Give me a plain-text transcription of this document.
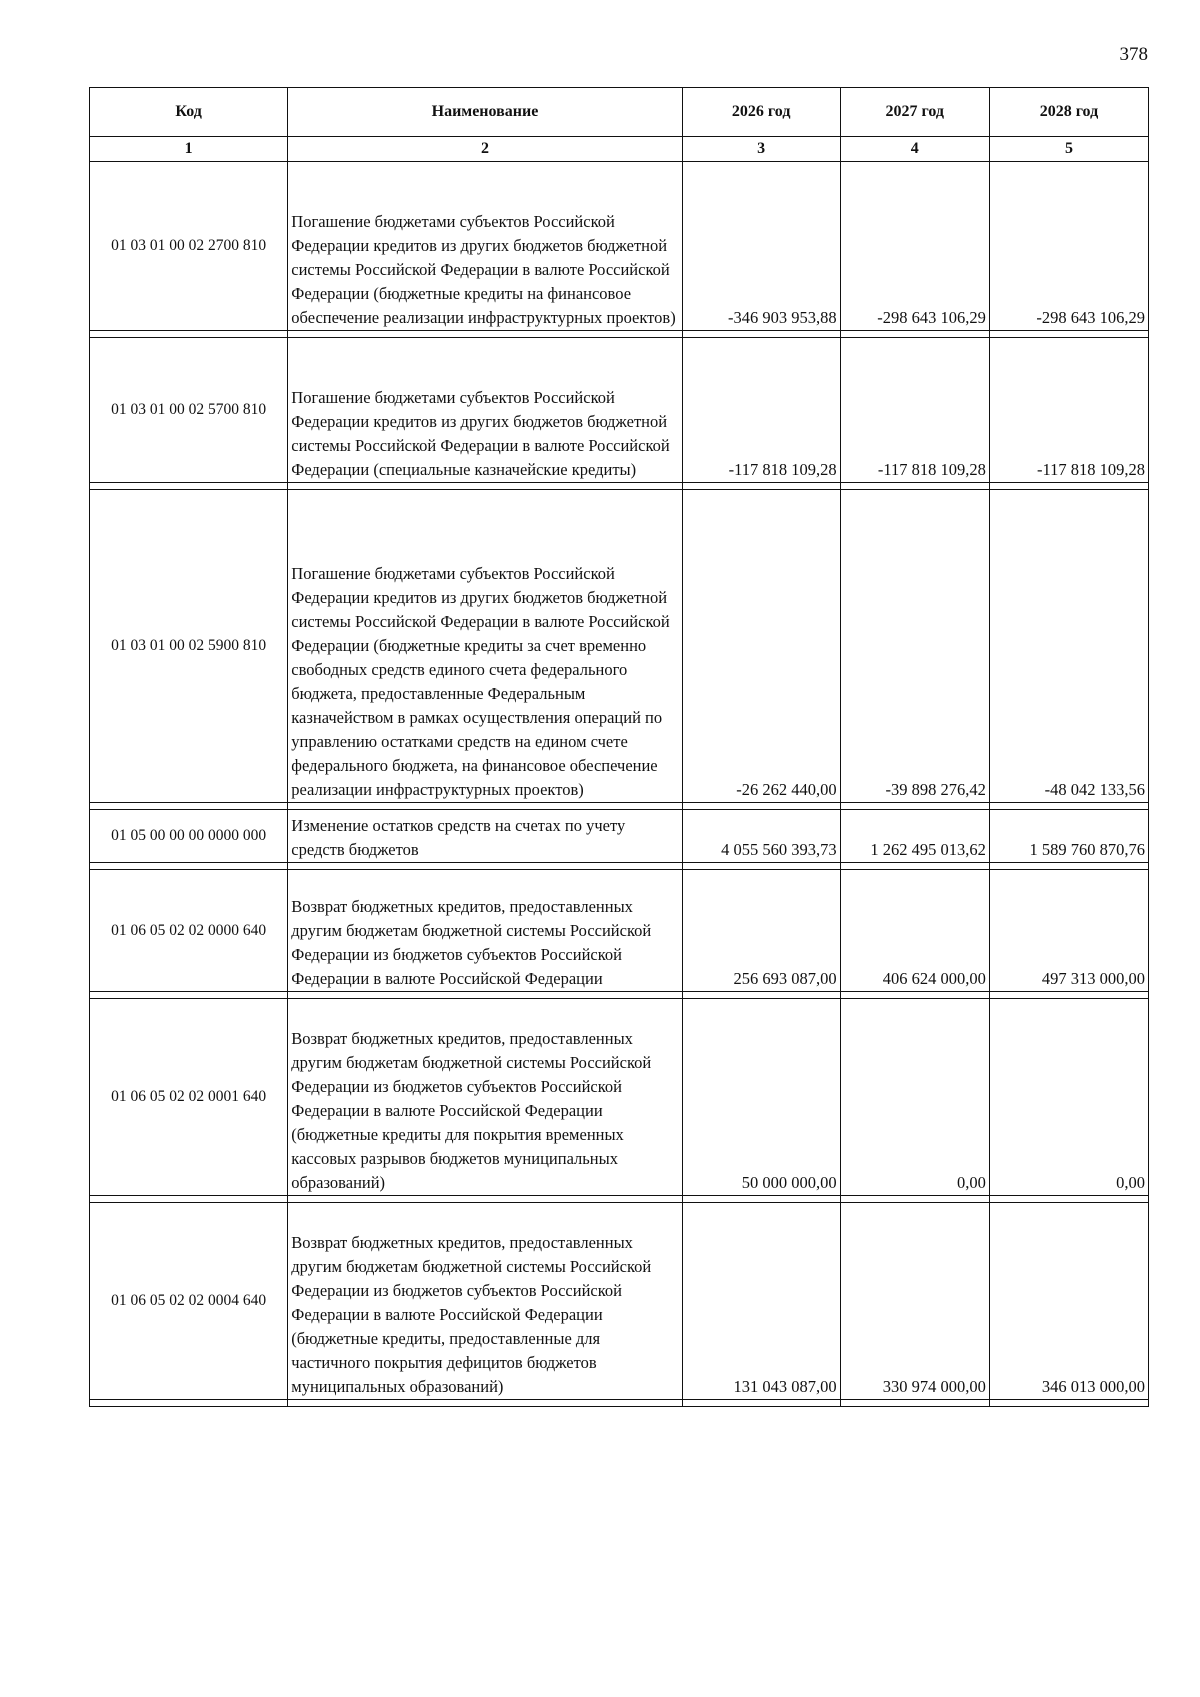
378
Код	Наименование	2026 год	2027 год	2028 год
1	2	3	4	5
01 03 01 00 02 2700 810	Погашение бюджетами субъектов Российской Федерации кредитов из других бюджетов бюджетной системы Российской Федерации в валюте Российской Федерации (бюджетные кредиты на финансовое обеспечение реализации инфраструктурных проектов)	-346 903 953,88	-298 643 106,29	-298 643 106,29

01 03 01 00 02 5700 810	Погашение бюджетами субъектов Российской Федерации кредитов из других бюджетов бюджетной системы Российской Федерации в валюте Российской Федерации (специальные казначейские кредиты)	-117 818 109,28	-117 818 109,28	-117 818 109,28

01 03 01 00 02 5900 810	Погашение бюджетами субъектов Российской Федерации кредитов из других бюджетов бюджетной системы Российской Федерации в валюте Российской Федерации (бюджетные кредиты за счет временно свободных средств единого счета федерального бюджета, предоставленные Федеральным казначейством в рамках осуществления операций по управлению остатками средств на едином счете федерального бюджета, на финансовое обеспечение реализации инфраструктурных проектов)	-26 262 440,00	-39 898 276,42	-48 042 133,56

01 05 00 00 00 0000 000	Изменение остатков средств на счетах по учету средств бюджетов	4 055 560 393,73	1 262 495 013,62	1 589 760 870,76

01 06 05 02 02 0000 640	Возврат бюджетных кредитов, предоставленных другим бюджетам бюджетной системы Российской Федерации из бюджетов субъектов Российской Федерации в валюте Российской Федерации	256 693 087,00	406 624 000,00	497 313 000,00

01 06 05 02 02 0001 640	Возврат бюджетных кредитов, предоставленных другим бюджетам бюджетной системы Российской Федерации из бюджетов субъектов Российской Федерации в валюте Российской Федерации (бюджетные кредиты для покрытия временных кассовых разрывов бюджетов муниципальных образований)	50 000 000,00	0,00	0,00

01 06 05 02 02 0004 640	Возврат бюджетных кредитов, предоставленных другим бюджетам бюджетной системы Российской Федерации из бюджетов субъектов Российской Федерации в валюте Российской Федерации (бюджетные кредиты, предоставленные для частичного покрытия дефицитов бюджетов муниципальных образований)	131 043 087,00	330 974 000,00	346 013 000,00
